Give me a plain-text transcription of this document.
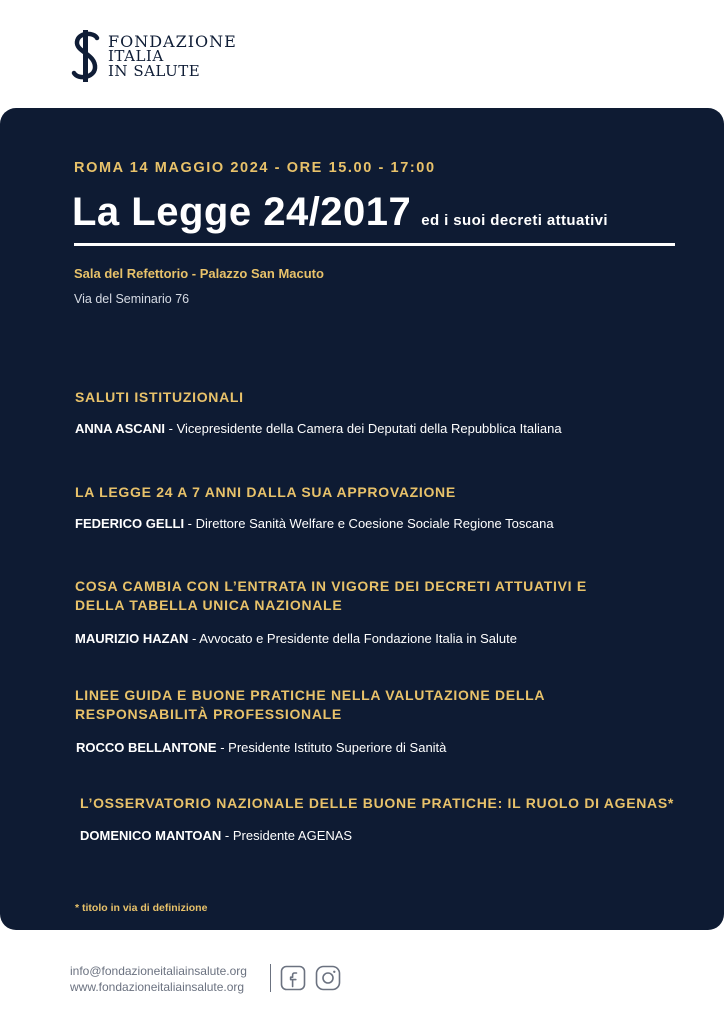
FONDAZIONE
ITALIA
IN SALUTE
ROMA 14 MAGGIO 2024 - ORE 15.00 - 17:00
La Legge 24/2017 ed i suoi decreti attuativi
Sala del Refettorio - Palazzo San Macuto
Via del Seminario 76
SALUTI ISTITUZIONALI
ANNA ASCANI - Vicepresidente della Camera dei Deputati della Repubblica Italiana
LA LEGGE 24 A 7 ANNI DALLA SUA APPROVAZIONE
FEDERICO GELLI - Direttore Sanità Welfare e Coesione Sociale Regione Toscana
COSA CAMBIA CON L’ENTRATA IN VIGORE DEI DECRETI ATTUATIVI E
DELLA TABELLA UNICA NAZIONALE
MAURIZIO HAZAN - Avvocato e Presidente della Fondazione Italia in Salute
LINEE GUIDA E BUONE PRATICHE NELLA VALUTAZIONE DELLA
RESPONSABILITÀ PROFESSIONALE
ROCCO BELLANTONE - Presidente Istituto Superiore di Sanità
L’OSSERVATORIO NAZIONALE DELLE BUONE PRATICHE: IL RUOLO DI AGENAS*
DOMENICO MANTOAN - Presidente AGENAS
* titolo in via di definizione
info@fondazioneitaliainsalute.org
www.fondazioneitaliainsalute.org
